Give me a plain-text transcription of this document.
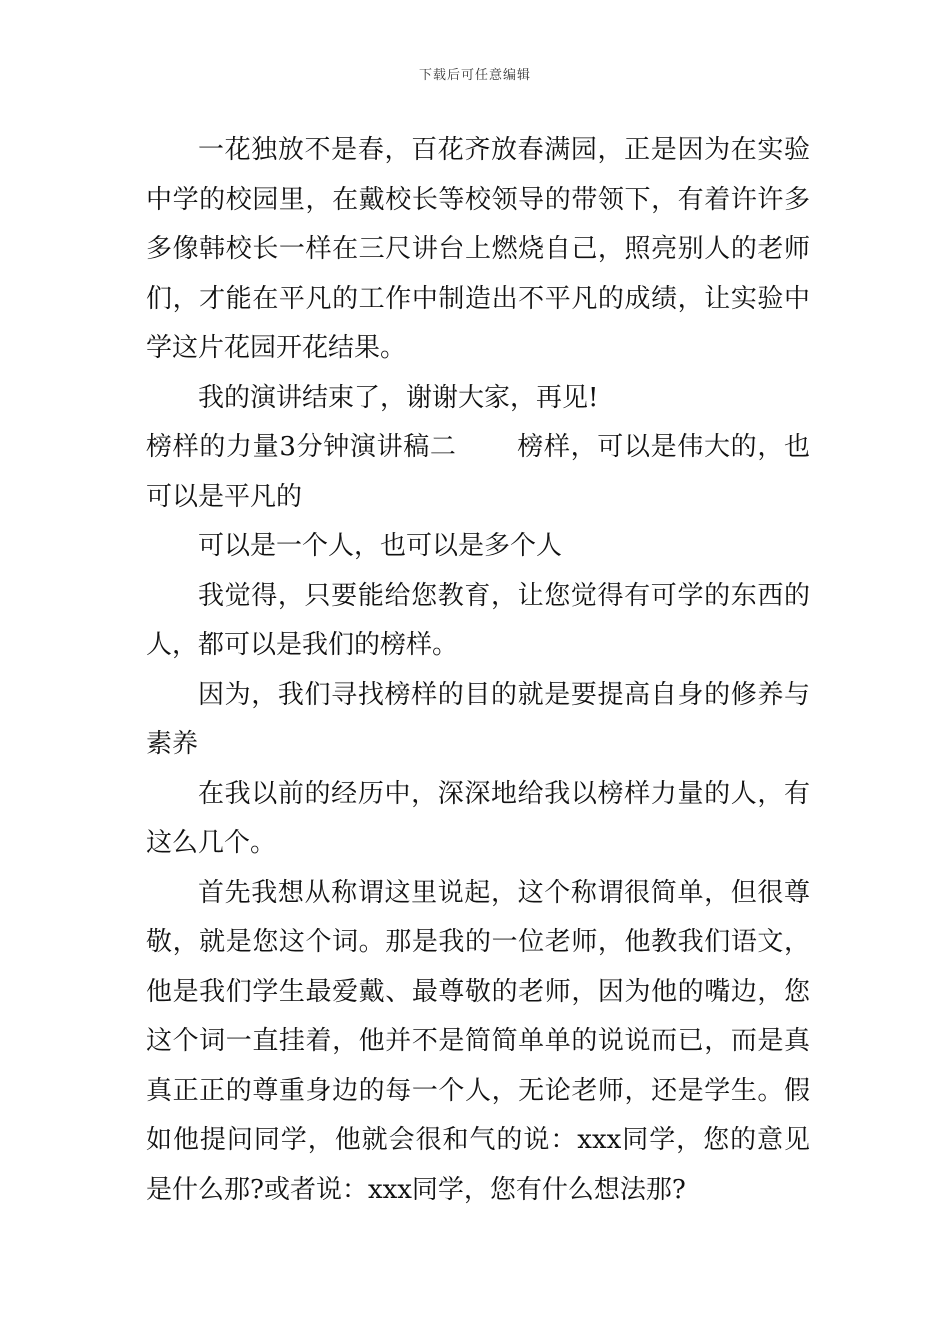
下载后可任意编辑

一花独放不是春，百花齐放春满园，正是因为在实验中学的校园里，在戴校长等校领导的带领下，有着许许多多像韩校长一样在三尺讲台上燃烧自己，照亮别人的老师们，才能在平凡的工作中制造出不平凡的成绩，让实验中学这片花园开花结果。

我的演讲结束了，谢谢大家，再见!

榜样的力量3分钟演讲稿二 榜样，可以是伟大的，也可以是平凡的

可以是一个人，也可以是多个人

我觉得，只要能给您教育，让您觉得有可学的东西的人，都可以是我们的榜样。

因为，我们寻找榜样的目的就是要提高自身的修养与素养

在我以前的经历中，深深地给我以榜样力量的人，有这么几个。

首先我想从称谓这里说起，这个称谓很简单，但很尊敬，就是您这个词。那是我的一位老师，他教我们语文，他是我们学生最爱戴、最尊敬的老师，因为他的嘴边，您这个词一直挂着，他并不是简简单单的说说而已，而是真真正正的尊重身边的每一个人，无论老师，还是学生。假如他提问同学，他就会很和气的说：xxx同学，您的意见是什么那?或者说：xxx同学，您有什么想法那?
